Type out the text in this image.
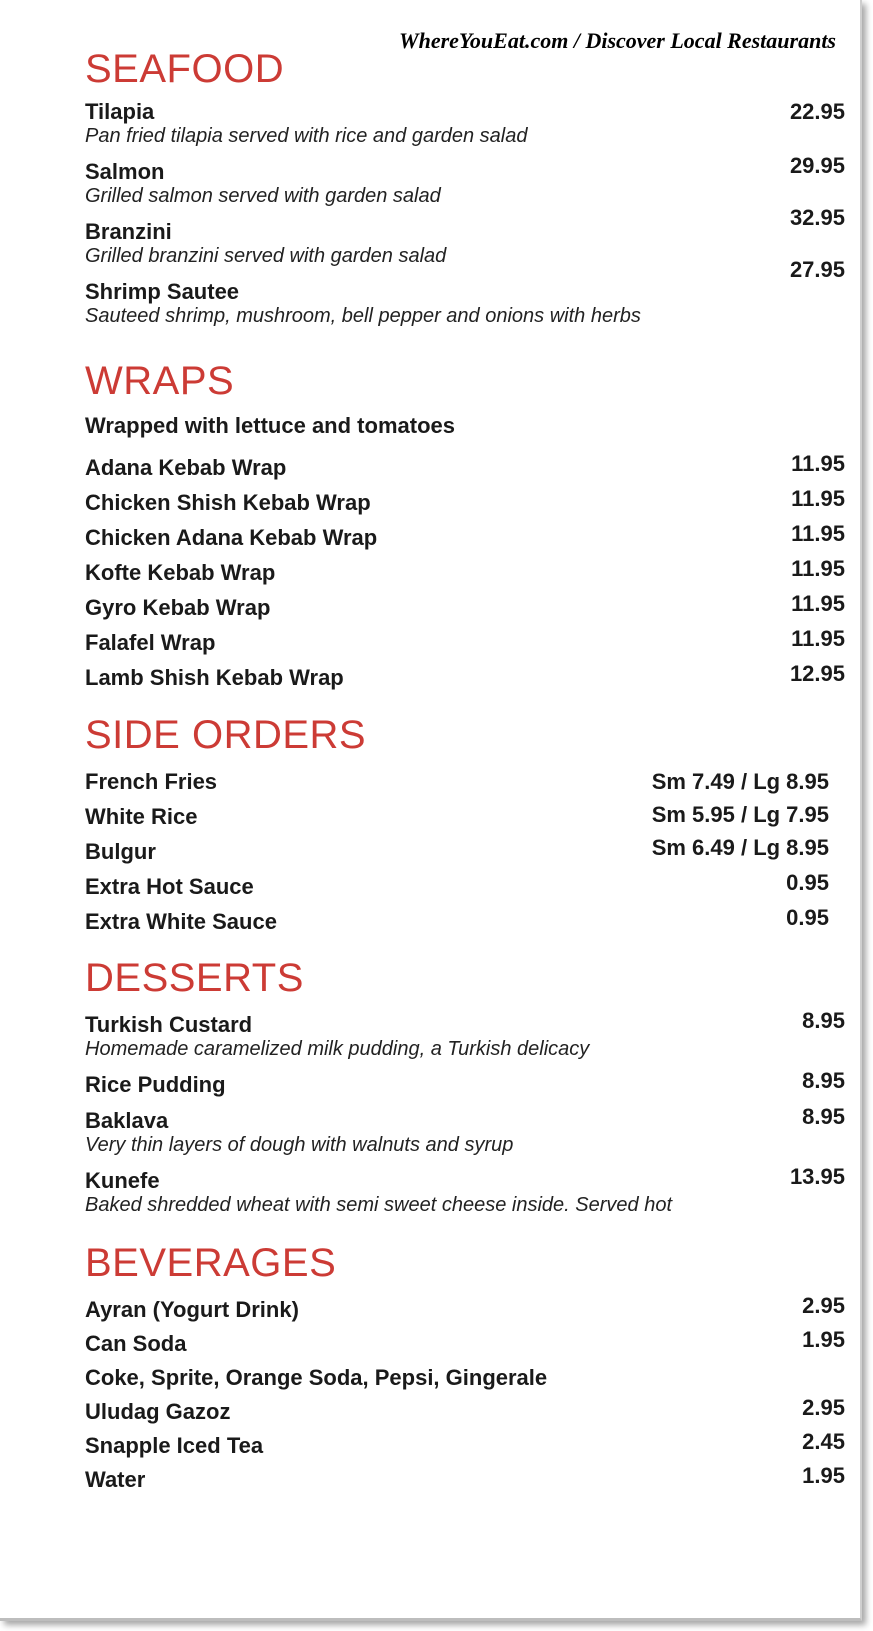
WhereYouEat.com / Discover Local Restaurants
SEAFOOD
Tilapia
Pan fried tilapia served with rice and garden salad
22.95
Salmon
Grilled salmon served with garden salad
29.95
Branzini
Grilled branzini served with garden salad
32.95
Shrimp Sautee
Sauteed shrimp, mushroom, bell pepper and onions with herbs
27.95
WRAPS
Wrapped with lettuce and tomatoes
Adana Kebab Wrap	11.95
Chicken Shish Kebab Wrap	11.95
Chicken Adana Kebab Wrap	11.95
Kofte Kebab Wrap	11.95
Gyro Kebab Wrap	11.95
Falafel Wrap	11.95
Lamb Shish Kebab Wrap	12.95
SIDE ORDERS
French Fries	Sm 7.49 / Lg 8.95
White Rice	Sm 5.95 / Lg 7.95
Bulgur	Sm 6.49 / Lg 8.95
Extra Hot Sauce	0.95
Extra White Sauce	0.95
DESSERTS
Turkish Custard
Homemade caramelized milk pudding, a Turkish delicacy
8.95
Rice Pudding	8.95
Baklava
Very thin layers of dough with walnuts and syrup
8.95
Kunefe
Baked shredded wheat with semi sweet cheese inside. Served hot
13.95
BEVERAGES
Ayran (Yogurt Drink)	2.95
Can Soda	1.95
Coke, Sprite, Orange Soda, Pepsi, Gingerale
Uludag Gazoz	2.95
Snapple Iced Tea	2.45
Water	1.95
